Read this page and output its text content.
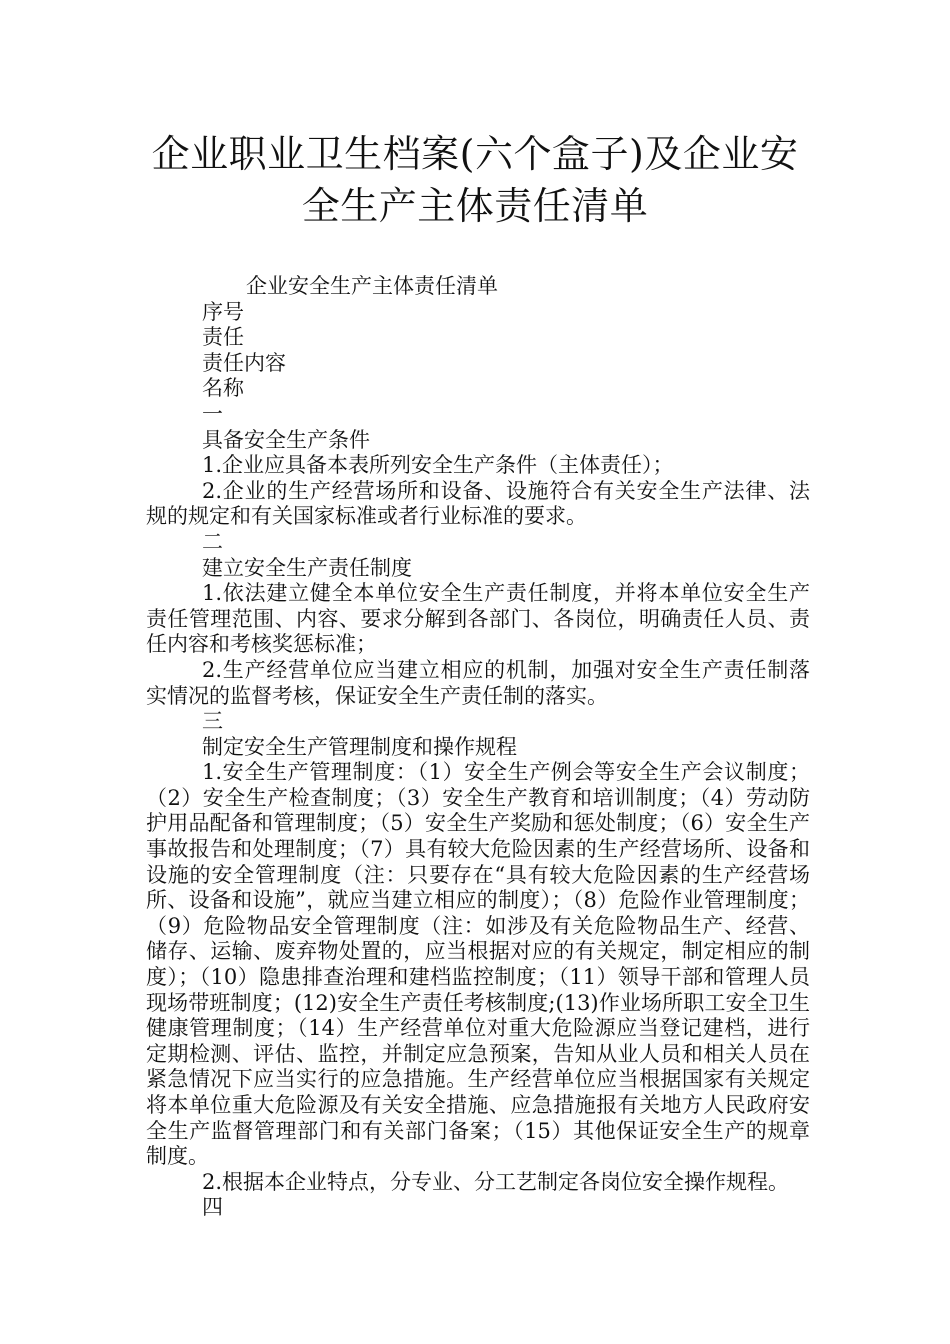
企业职业卫生档案(六个盒子)及企业安全生产主体责任清单

企业安全生产主体责任清单

序号

责任

责任内容

名称

一

具备安全生产条件

1.企业应具备本表所列安全生产条件（主体责任）；

2.企业的生产经营场所和设备、设施符合有关安全生产法律、法规的规定和有关国家标准或者行业标准的要求。

二

建立安全生产责任制度

1.依法建立健全本单位安全生产责任制度，并将本单位安全生产责任管理范围、内容、要求分解到各部门、各岗位，明确责任人员、责任内容和考核奖惩标准；

2.生产经营单位应当建立相应的机制，加强对安全生产责任制落实情况的监督考核，保证安全生产责任制的落实。

三

制定安全生产管理制度和操作规程

1.安全生产管理制度：（1）安全生产例会等安全生产会议制度；（2）安全生产检查制度；（3）安全生产教育和培训制度；（4）劳动防护用品配备和管理制度；（5）安全生产奖励和惩处制度；（6）安全生产事故报告和处理制度；（7）具有较大危险因素的生产经营场所、设备和设施的安全管理制度（注：只要存在“具有较大危险因素的生产经营场所、设备和设施”，就应当建立相应的制度）；（8）危险作业管理制度；（9）危险物品安全管理制度（注：如涉及有关危险物品生产、经营、储存、运输、废弃物处置的，应当根据对应的有关规定，制定相应的制度）；（10）隐患排查治理和建档监控制度；（11）领导干部和管理人员现场带班制度；(12)安全生产责任考核制度;(13)作业场所职工安全卫生健康管理制度；（14）生产经营单位对重大危险源应当登记建档，进行定期检测、评估、监控，并制定应急预案，告知从业人员和相关人员在紧急情况下应当实行的应急措施。生产经营单位应当根据国家有关规定将本单位重大危险源及有关安全措施、应急措施报有关地方人民政府安全生产监督管理部门和有关部门备案；（15）其他保证安全生产的规章制度。

2.根据本企业特点，分专业、分工艺制定各岗位安全操作规程。

四
